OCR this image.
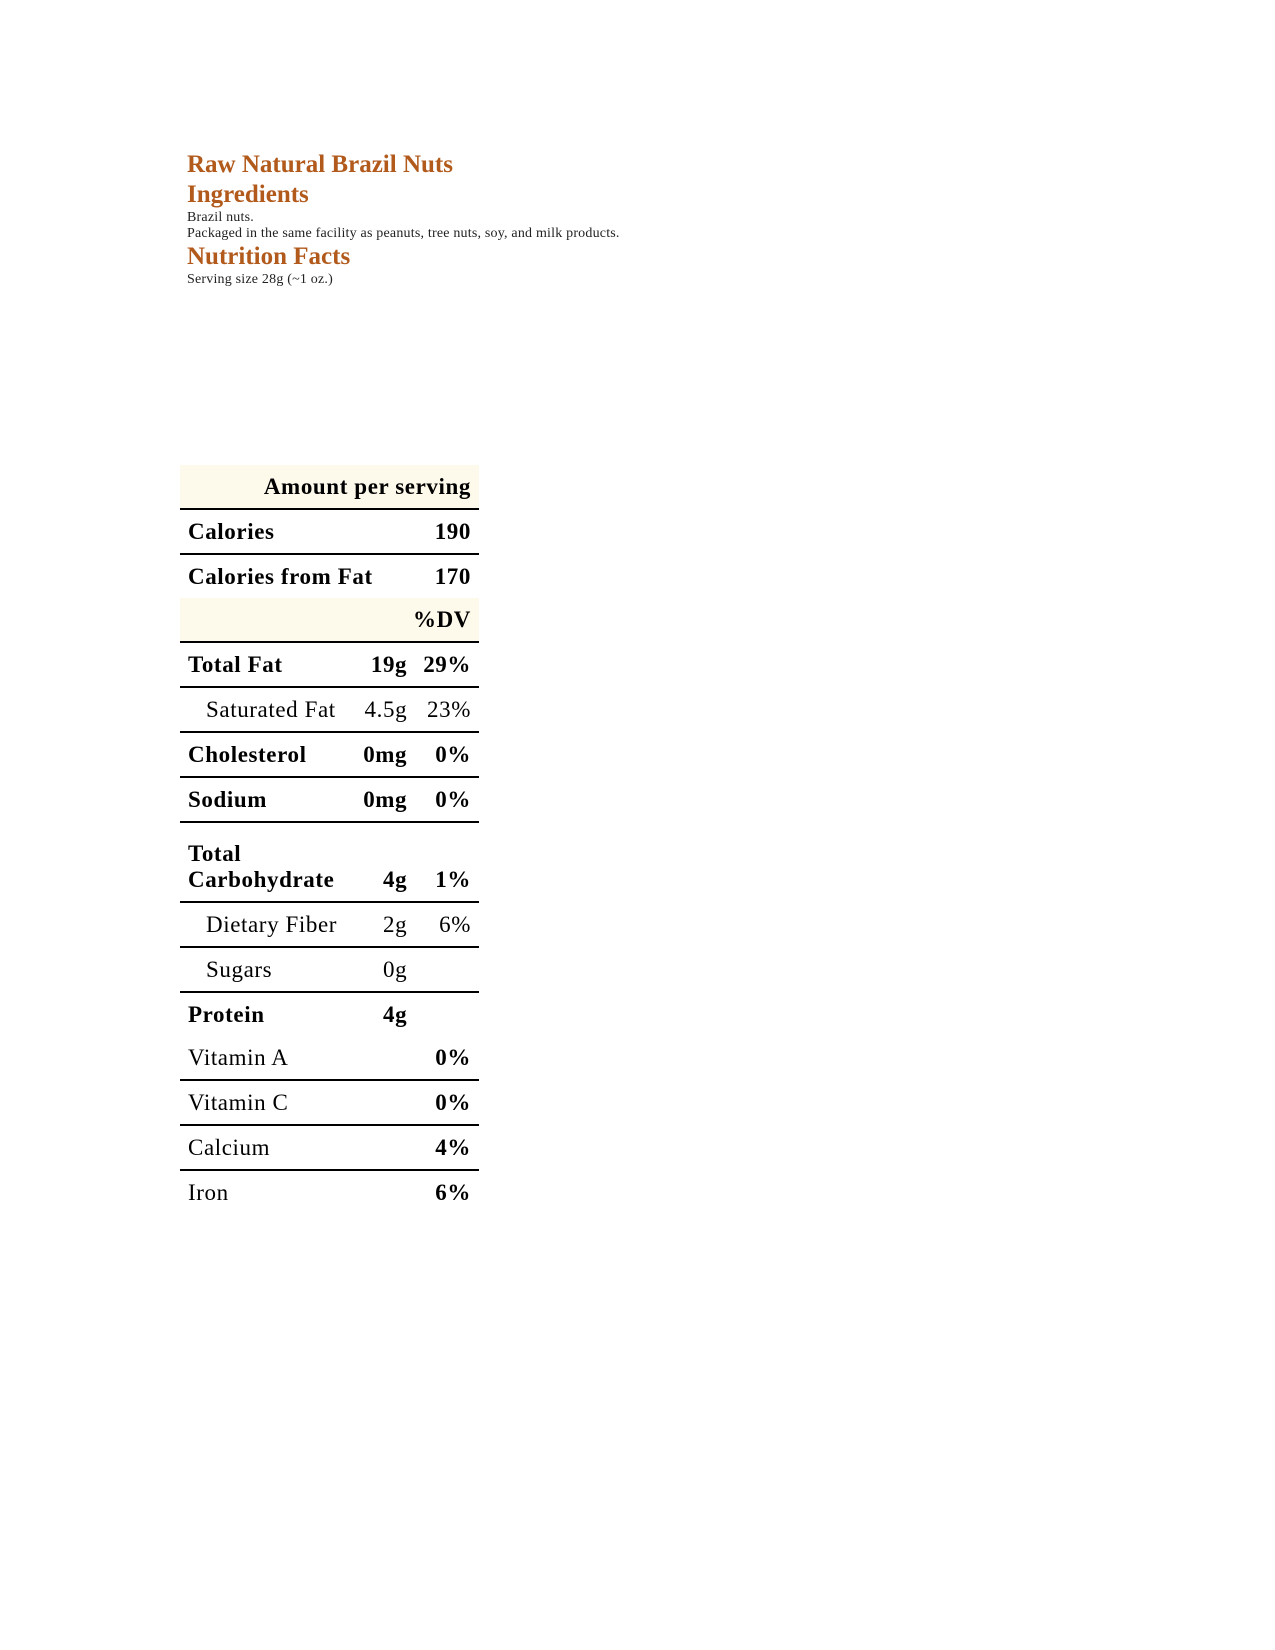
Raw Natural Brazil Nuts
Ingredients

Brazil nuts.

Packaged in the same facility as peanuts, tree nuts, soy, and milk products.

Nutrition Facts

Serving size 28g (~1 oz.)

Amount per serving		
Calories		190
Calories from Fat		170
%DV		
Total Fat	19g	29%
Saturated Fat	4.5g	23%
Cholesterol	0mg	0%
Sodium	0mg	0%
Total
Carbohydrate	4g	1%
Dietary Fiber	2g	6%
Sugars	0g	
Protein	4g	
Vitamin A		0%
Vitamin C		0%
Calcium		4%
Iron		6%
